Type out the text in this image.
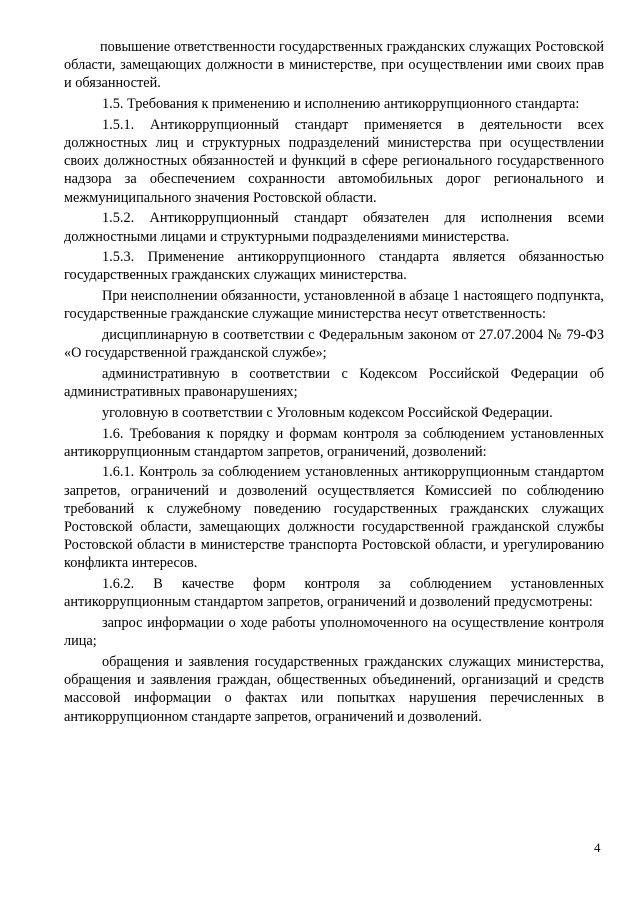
повышение ответственности государственных гражданских служащих Ростовской области, замещающих должности в министерстве, при осуществлении ими своих прав и обязанностей.

1.5. Требования к применению и исполнению антикоррупционного стандарта:

1.5.1. Антикоррупционный стандарт применяется в деятельности всех должностных лиц и структурных подразделений министерства при осуществлении своих должностных обязанностей и функций в сфере регионального государственного надзора за обеспечением сохранности автомобильных дорог регионального и межмуниципального значения Ростовской области.

1.5.2. Антикоррупционный стандарт обязателен для исполнения всеми должностными лицами и структурными подразделениями министерства.

1.5.3. Применение антикоррупционного стандарта является обязанностью государственных гражданских служащих министерства.

При неисполнении обязанности, установленной в абзаце 1 настоящего подпункта, государственные гражданские служащие министерства несут ответственность:

дисциплинарную в соответствии с Федеральным законом от 27.07.2004 № 79-ФЗ «О государственной гражданской службе»;

административную в соответствии с Кодексом Российской Федерации об административных правонарушениях;

уголовную в соответствии с Уголовным кодексом Российской Федерации.

1.6. Требования к порядку и формам контроля за соблюдением установленных антикоррупционным стандартом запретов, ограничений, дозволений:

1.6.1. Контроль за соблюдением установленных антикоррупционным стандартом запретов, ограничений и дозволений осуществляется Комиссией по соблюдению требований к служебному поведению государственных гражданских служащих Ростовской области, замещающих должности государственной гражданской службы Ростовской области в министерстве транспорта Ростовской области, и урегулированию конфликта интересов.

1.6.2. В качестве форм контроля за соблюдением установленных антикоррупционным стандартом запретов, ограничений и дозволений предусмотрены:

запрос информации о ходе работы уполномоченного на осуществление контроля лица;

обращения и заявления государственных гражданских служащих министерства, обращения и заявления граждан, общественных объединений, организаций и средств массовой информации о фактах или попытках нарушения перечисленных в антикоррупционном стандарте запретов, ограничений и дозволений.

4
